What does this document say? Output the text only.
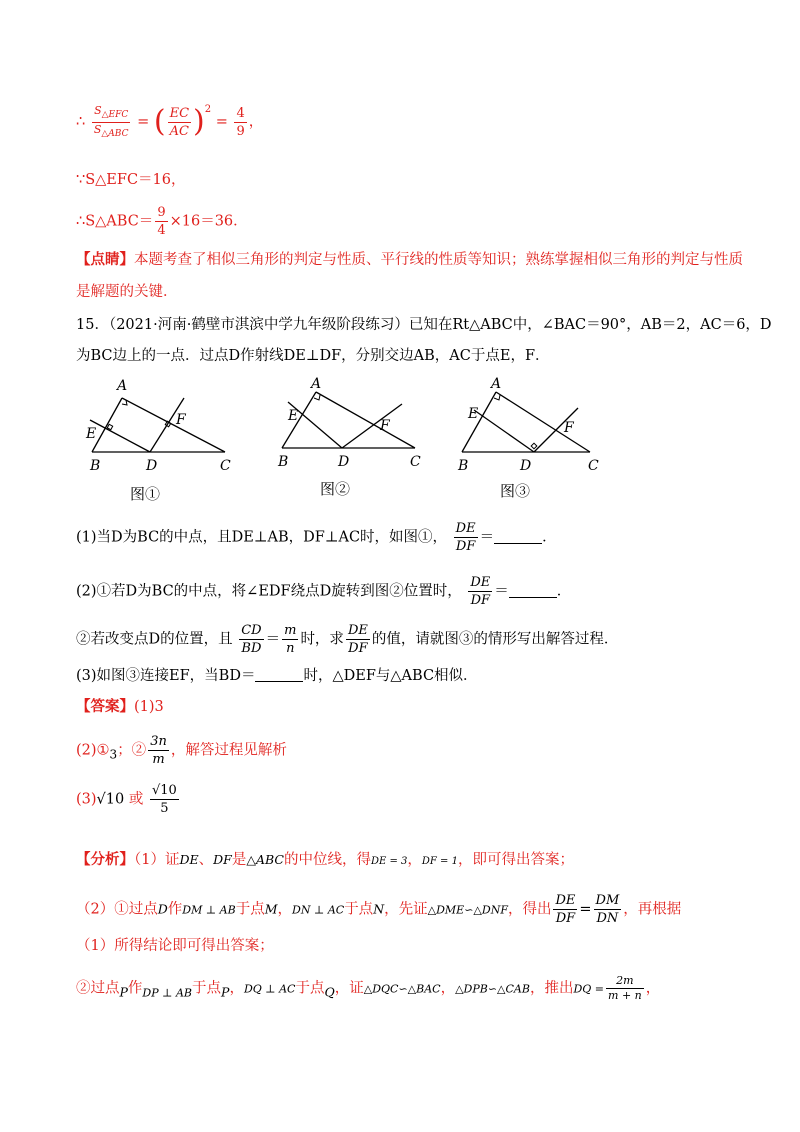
∴ $\frac{S_{\triangle EFC}}{S_{\triangle ABC}}$ = ( $\frac{EC}{AC} )^2 = \frac{4}{9}$ ，
∵S△EFC＝16，
∴S△ABC＝ $\frac{9}{4} \times 16=36$．
【点睛】本题考查了相似三角形的判定与性质、平行线的性质等知识；熟练掌握相似三角形的判定与性质
是解题的关键．
15．（2021·河南·鹤壁市淇滨中学九年级阶段练习）已知在Rt△ABC中，∠BAC＝90°，AB＝2，AC＝6，D
为BC边上的一点．过点D作射线DE⊥DF，分别交边AB，AC于点E，F．
A
B	C
D
E
F
图①
A
B	C
D
E
F
图②
A
B	C
D
E
F
图③
(1)当D为BC的中点，且DE⊥AB，DF⊥AC时，如图①， $\frac{DE}{DF}$ ＝	．
(2)①若D为BC的中点，将∠EDF绕点D旋转到图②位置时， $\frac{DE}{DF}$ ＝	．
②若改变点D的位置，且 $\frac{CD}{BD} = \frac{m}{n}$ 时，求 $\frac{DE}{DF}$ 的值，请就图③的情形写出解答过程．
(3)如图③连接EF，当BD＝	时，△DEF与△ABC相似．
【答案】(1)3
$(2)①_3$；② $\frac{3n}{m}$ ，解答过程见解析
(3)√10 或 $\frac{√10}{5}$
【分析】（1）证DE、DF是△ABC的中位线，得DE = 3，DF = 1，即可得出答案；
（2）①过点D作DM ⊥ AB于点M，DN ⊥ AC于点N，先证△DME∽△DNF，得出 $\frac{DE}{DF} = \frac{DM}{DN}$ ，再根据
（1）所得结论即可得出答案；
②过点P作$_{DP \perp AB}$于点P，DQ ⊥ AC于点Q，证△DQC∽△BAC，△DPB∽△CAB，推出DQ = $\frac{2m}{m + n}$ ，
